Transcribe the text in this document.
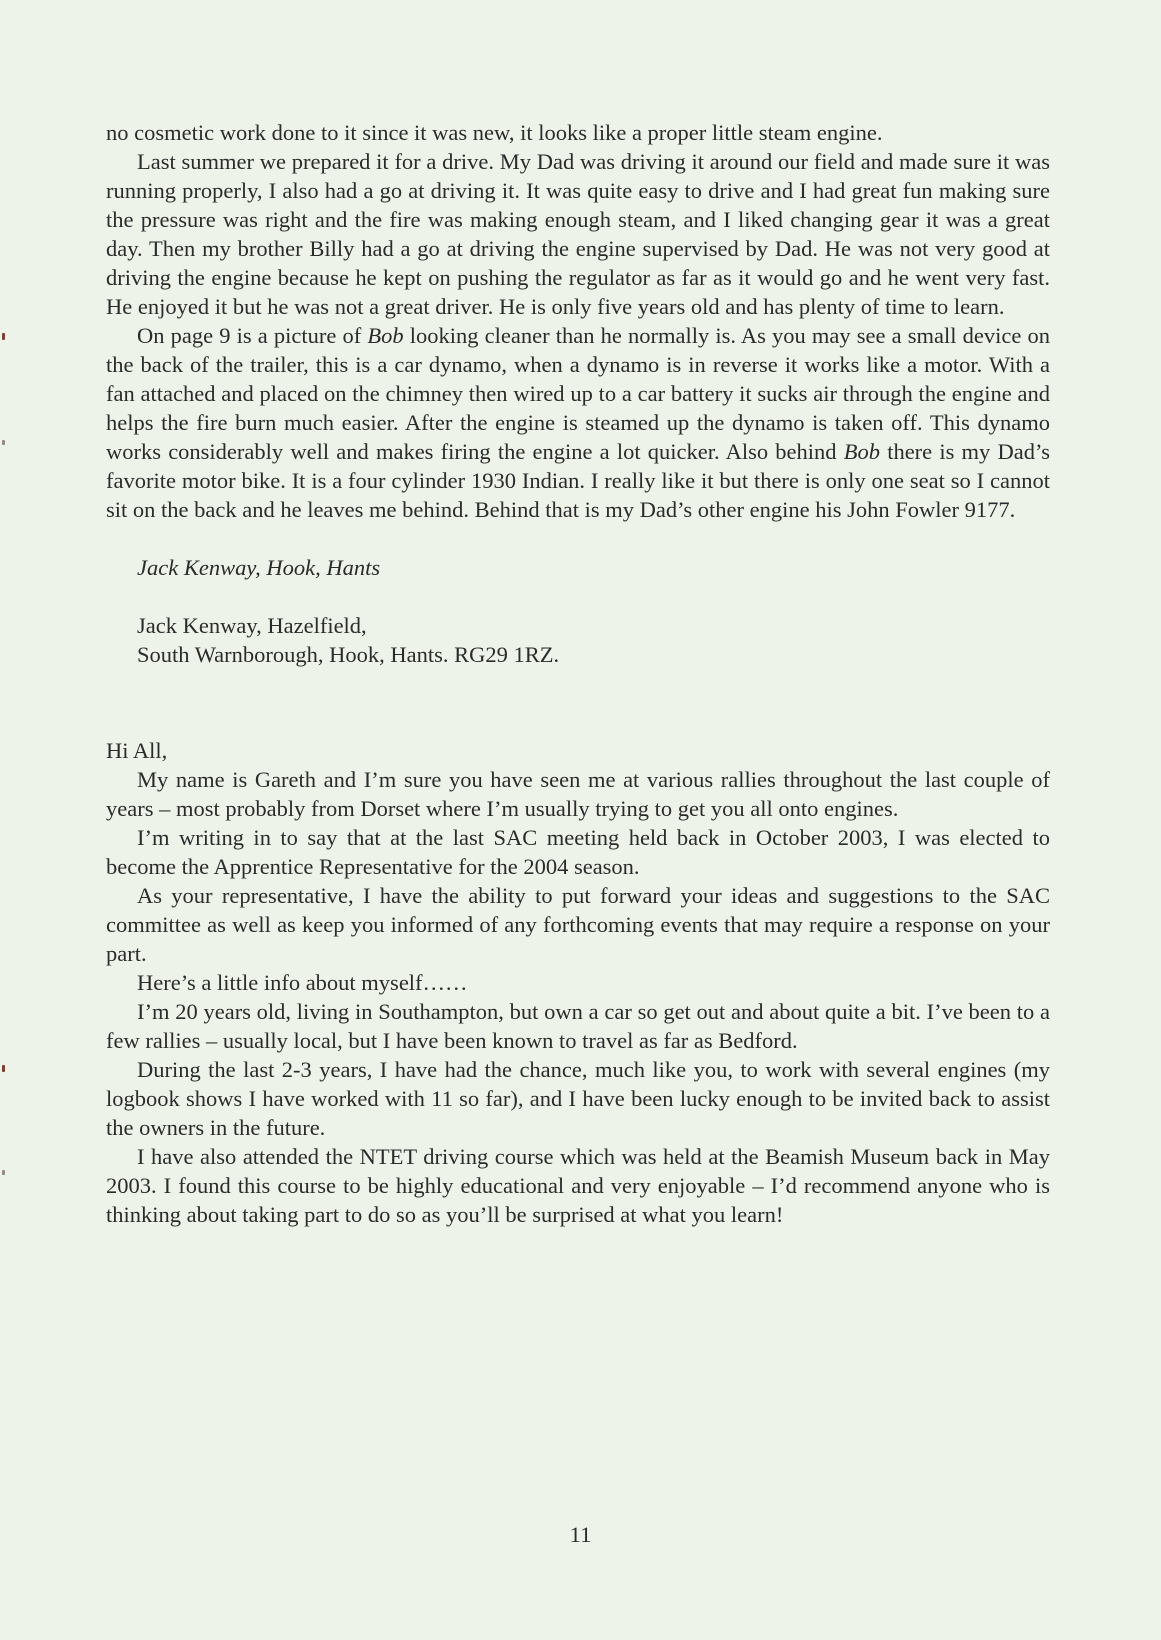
no cosmetic work done to it since it was new, it looks like a proper little steam engine.

Last summer we prepared it for a drive. My Dad was driving it around our field and made sure it was running properly, I also had a go at driving it. It was quite easy to drive and I had great fun making sure the pressure was right and the fire was making enough steam, and I liked changing gear it was a great day. Then my brother Billy had a go at driving the engine supervised by Dad. He was not very good at driving the engine because he kept on pushing the regulator as far as it would go and he went very fast. He enjoyed it but he was not a great driver. He is only five years old and has plenty of time to learn.

On page 9 is a picture of Bob looking cleaner than he normally is. As you may see a small device on the back of the trailer, this is a car dynamo, when a dynamo is in reverse it works like a motor. With a fan attached and placed on the chimney then wired up to a car battery it sucks air through the engine and helps the fire burn much easier. After the engine is steamed up the dynamo is taken off. This dynamo works considerably well and makes firing the engine a lot quicker. Also behind Bob there is my Dad’s favorite motor bike. It is a four cylinder 1930 Indian. I really like it but there is only one seat so I cannot sit on the back and he leaves me behind. Behind that is my Dad’s other engine his John Fowler 9177.

Jack Kenway, Hook, Hants
Jack Kenway, Hazelfield,
South Warnborough, Hook, Hants. RG29 1RZ.
Hi All,

My name is Gareth and I’m sure you have seen me at various rallies throughout the last couple of years – most probably from Dorset where I’m usually trying to get you all onto engines.

I’m writing in to say that at the last SAC meeting held back in October 2003, I was elected to become the Apprentice Representative for the 2004 season.

As your representative, I have the ability to put forward your ideas and suggestions to the SAC committee as well as keep you informed of any forthcoming events that may require a response on your part.

Here’s a little info about myself……

I’m 20 years old, living in Southampton, but own a car so get out and about quite a bit. I’ve been to a few rallies – usually local, but I have been known to travel as far as Bedford.

During the last 2-3 years, I have had the chance, much like you, to work with several engines (my logbook shows I have worked with 11 so far), and I have been lucky enough to be invited back to assist the owners in the future.

I have also attended the NTET driving course which was held at the Beamish Museum back in May 2003. I found this course to be highly educational and very enjoyable – I’d recommend anyone who is thinking about taking part to do so as you’ll be surprised at what you learn!

11
